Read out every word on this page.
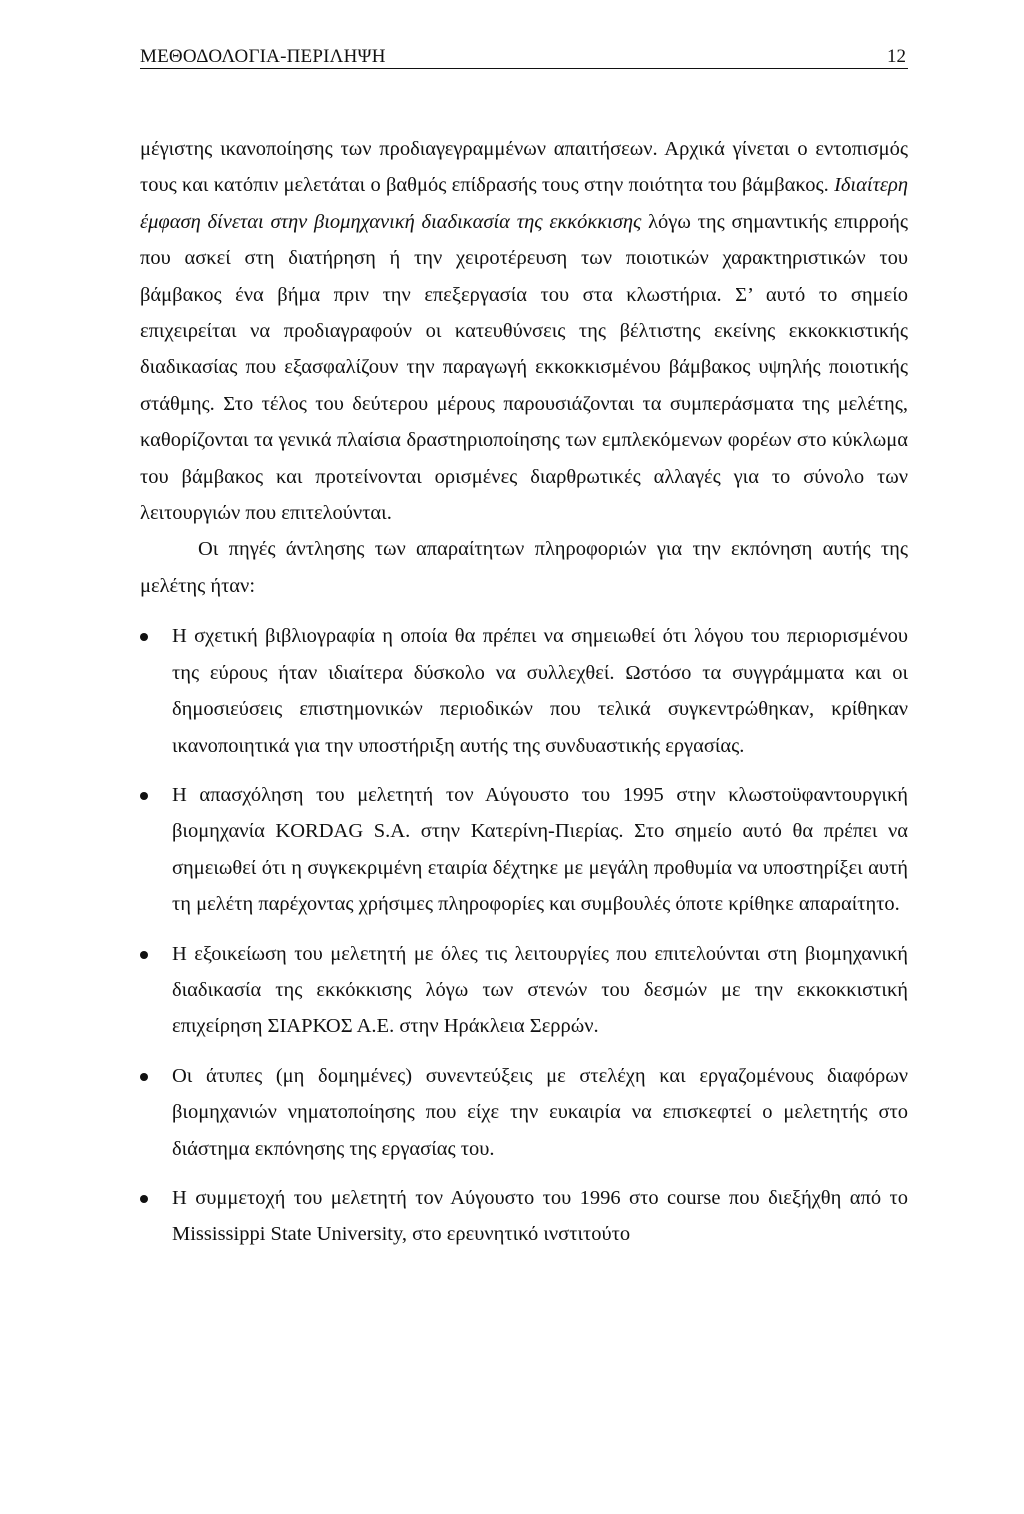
ΜΕΘΟΔΟΛΟΓΙΑ-ΠΕΡΙΛΗΨΗ	12

μέγιστης ικανοποίησης των προδιαγεγραμμένων απαιτήσεων. Αρχικά γίνεται ο εντοπισμός τους και κατόπιν μελετάται ο βαθμός επίδρασής τους στην ποιότητα του βάμβακος. Ιδιαίτερη έμφαση δίνεται στην βιομηχανική διαδικασία της εκκόκκισης λόγω της σημαντικής επιρροής που ασκεί στη διατήρηση ή την χειροτέρευση των ποιοτικών χαρακτηριστικών του βάμβακος ένα βήμα πριν την επεξεργασία του στα κλωστήρια. Σ’ αυτό το σημείο επιχειρείται να προδιαγραφούν οι κατευθύνσεις της βέλτιστης εκείνης εκκοκκιστικής διαδικασίας που εξασφαλίζουν την παραγωγή εκκοκκισμένου βάμβακος υψηλής ποιοτικής στάθμης. Στο τέλος του δεύτερου μέρους παρουσιάζονται τα συμπεράσματα της μελέτης, καθορίζονται τα γενικά πλαίσια δραστηριοποίησης των εμπλεκόμενων φορέων στο κύκλωμα του βάμβακος και προτείνονται ορισμένες διαρθρωτικές αλλαγές για το σύνολο των λειτουργιών που επιτελούνται.

Οι πηγές άντλησης των απαραίτητων πληροφοριών για την εκπόνηση αυτής της μελέτης ήταν:

Η σχετική βιβλιογραφία η οποία θα πρέπει να σημειωθεί ότι λόγου του περιορισμένου της εύρους ήταν ιδιαίτερα δύσκολο να συλλεχθεί. Ωστόσο τα συγγράμματα και οι δημοσιεύσεις επιστημονικών περιοδικών που τελικά συγκεντρώθηκαν, κρίθηκαν ικανοποιητικά για την υποστήριξη αυτής της συνδυαστικής εργασίας.
Η απασχόληση του μελετητή τον Αύγουστο του 1995 στην κλωστοϋφαντουργική βιομηχανία KORDAG S.A. στην Κατερίνη-Πιερίας. Στο σημείο αυτό θα πρέπει να σημειωθεί ότι η συγκεκριμένη εταιρία δέχτηκε με μεγάλη προθυμία να υποστηρίξει αυτή τη μελέτη παρέχοντας χρήσιμες πληροφορίες και συμβουλές όποτε κρίθηκε απαραίτητο.
Η εξοικείωση του μελετητή με όλες τις λειτουργίες που επιτελούνται στη βιομηχανική διαδικασία της εκκόκκισης λόγω των στενών του δεσμών με την εκκοκκιστική επιχείρηση ΣΙΑΡΚΟΣ Α.Ε. στην Ηράκλεια Σερρών.
Οι άτυπες (μη δομημένες) συνεντεύξεις με στελέχη και εργαζομένους διαφόρων βιομηχανιών νηματοποίησης που είχε την ευκαιρία να επισκεφτεί ο μελετητής στο διάστημα εκπόνησης της εργασίας του.
Η συμμετοχή του μελετητή τον Αύγουστο του 1996 στο course που διεξήχθη από το Mississippi State University, στο ερευνητικό ινστιτούτο
